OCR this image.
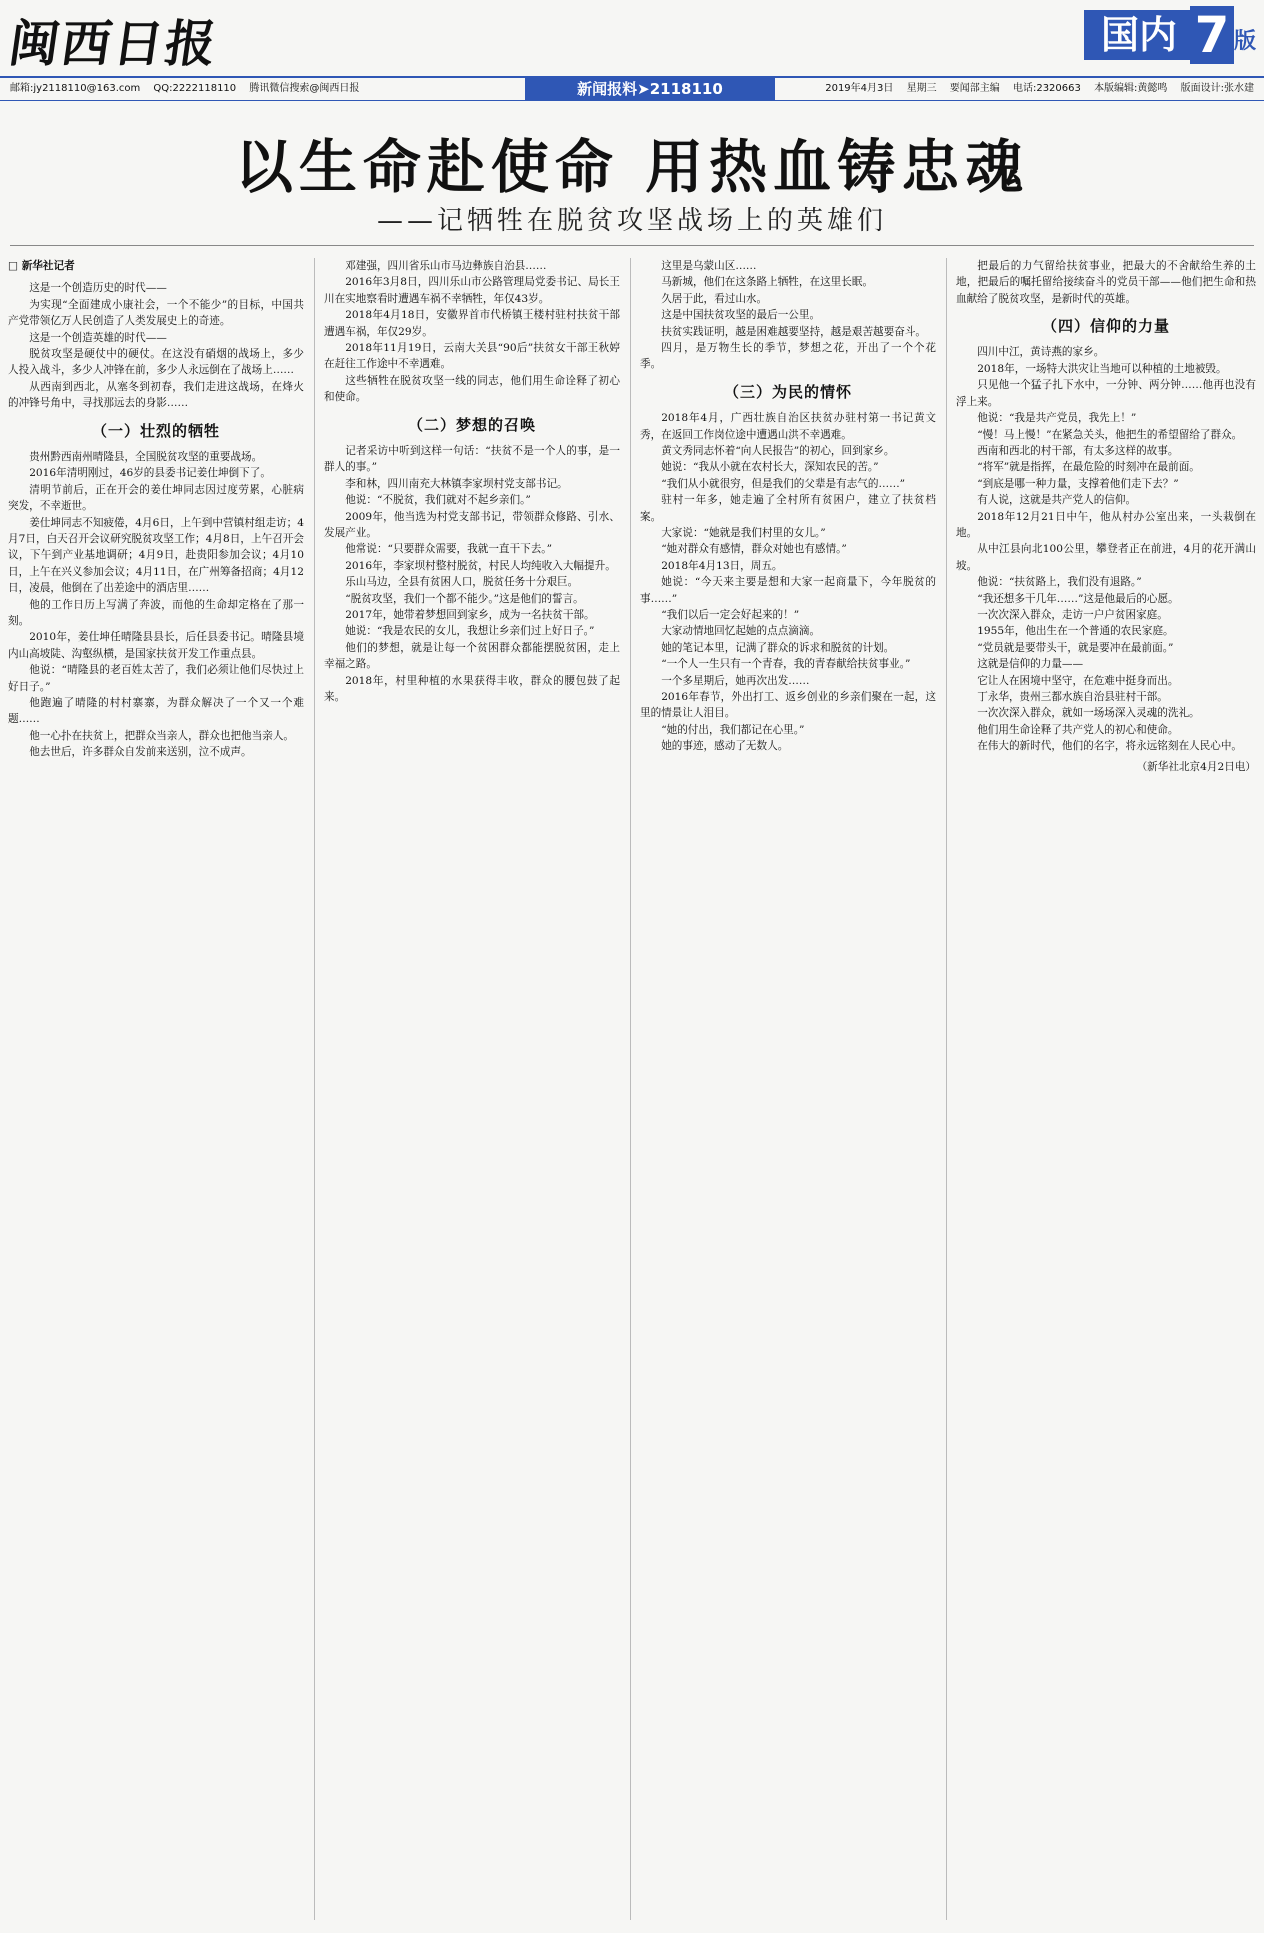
闽西日报	国内 7 版
邮箱:jy2118110@163.com QQ:2222118110 腾讯微信搜索@闽西日报	新闻报料➤2118110	2019年4月3日 星期三 要闻部主编 电话:2320663 本版编辑:黄懿鸣 版面设计:张水建
以生命赴使命 用热血铸忠魂
——记牺牲在脱贫攻坚战场上的英雄们

□ 新华社记者

这是一个创造历史的时代——

为实现“全面建成小康社会，一个不能少”的目标，中国共产党带领亿万人民创造了人类发展史上的奇迹。

这是一个创造英雄的时代——

脱贫攻坚是硬仗中的硬仗。在这没有硝烟的战场上，多少人投入战斗，多少人冲锋在前，多少人永远倒在了战场上……

从西南到西北，从塞冬到初春，我们走进这战场，在烽火的冲锋号角中，寻找那远去的身影……

（一）壮烈的牺牲

贵州黔西南州晴隆县，全国脱贫攻坚的重要战场。

2016年清明刚过，46岁的县委书记姜仕坤倒下了。

清明节前后，正在开会的姜仕坤同志因过度劳累，心脏病突发，不幸逝世。

姜仕坤同志不知疲倦，4月6日，上午到中营镇村组走访；4月7日，白天召开会议研究脱贫攻坚工作；4月8日，上午召开会议，下午到产业基地调研；4月9日，赴贵阳参加会议；4月10日，上午在兴义参加会议；4月11日，在广州筹备招商；4月12日，凌晨，他倒在了出差途中的酒店里……

他的工作日历上写满了奔波，而他的生命却定格在了那一刻。

2010年，姜仕坤任晴隆县县长，后任县委书记。晴隆县境内山高坡陡、沟壑纵横，是国家扶贫开发工作重点县。

他说：“晴隆县的老百姓太苦了，我们必须让他们尽快过上好日子。”

他跑遍了晴隆的村村寨寨，为群众解决了一个又一个难题……

他一心扑在扶贫上，把群众当亲人，群众也把他当亲人。

他去世后，许多群众自发前来送别，泣不成声。

邓建强，四川省乐山市马边彝族自治县……

2016年3月8日，四川乐山市公路管理局党委书记、局长王川在实地察看时遭遇车祸不幸牺牲，年仅43岁。

2018年4月18日，安徽界首市代桥镇王楼村驻村扶贫干部遭遇车祸，年仅29岁。

2018年11月19日，云南大关县“90后”扶贫女干部王秋婷在赶往工作途中不幸遇难。

这些牺牲在脱贫攻坚一线的同志，他们用生命诠释了初心和使命。

（二）梦想的召唤

记者采访中听到这样一句话：“扶贫不是一个人的事，是一群人的事。”

李和林，四川南充大林镇李家坝村党支部书记。

他说：“不脱贫，我们就对不起乡亲们。”

2009年，他当选为村党支部书记，带领群众修路、引水、发展产业。

他常说：“只要群众需要，我就一直干下去。”

2016年，李家坝村整村脱贫，村民人均纯收入大幅提升。

乐山马边，全县有贫困人口，脱贫任务十分艰巨。

“脱贫攻坚，我们一个都不能少。”这是他们的誓言。

2017年，她带着梦想回到家乡，成为一名扶贫干部。

她说：“我是农民的女儿，我想让乡亲们过上好日子。”

他们的梦想，就是让每一个贫困群众都能摆脱贫困，走上幸福之路。

2018年，村里种植的水果获得丰收，群众的腰包鼓了起来。

这里是乌蒙山区……

马新城，他们在这条路上牺牲，在这里长眠。

久居于此，看过山水。

这是中国扶贫攻坚的最后一公里。

扶贫实践证明，越是困难越要坚持，越是艰苦越要奋斗。

四月，是万物生长的季节，梦想之花，开出了一个个花季。

（三）为民的情怀

2018年4月，广西壮族自治区扶贫办驻村第一书记黄文秀，在返回工作岗位途中遭遇山洪不幸遇难。

黄文秀同志怀着“向人民报告”的初心，回到家乡。

她说：“我从小就在农村长大，深知农民的苦。”

“我们从小就很穷，但是我们的父辈是有志气的……”

驻村一年多，她走遍了全村所有贫困户，建立了扶贫档案。

大家说：“她就是我们村里的女儿。”

“她对群众有感情，群众对她也有感情。”

2018年4月13日，周五。

她说：“今天来主要是想和大家一起商量下，今年脱贫的事……”

“我们以后一定会好起来的！”

大家动情地回忆起她的点点滴滴。

她的笔记本里，记满了群众的诉求和脱贫的计划。

“一个人一生只有一个青春，我的青春献给扶贫事业。”

一个多星期后，她再次出发……

2016年春节，外出打工、返乡创业的乡亲们聚在一起，这里的情景让人泪目。

“她的付出，我们都记在心里。”

她的事迹，感动了无数人。

把最后的力气留给扶贫事业，把最大的不舍献给生养的土地，把最后的嘱托留给接续奋斗的党员干部——他们把生命和热血献给了脱贫攻坚，是新时代的英雄。

（四）信仰的力量

四川中江，黄诗燕的家乡。

2018年，一场特大洪灾让当地可以种植的土地被毁。

只见他一个猛子扎下水中，一分钟、两分钟……他再也没有浮上来。

他说：“我是共产党员，我先上！”

“慢！马上慢！”在紧急关头，他把生的希望留给了群众。

西南和西北的村干部，有太多这样的故事。

“将军”就是指挥，在最危险的时刻冲在最前面。

“到底是哪一种力量，支撑着他们走下去？”

有人说，这就是共产党人的信仰。

2018年12月21日中午，他从村办公室出来，一头栽倒在地。

从中江县向北100公里，攀登者正在前进，4月的花开满山坡。

他说：“扶贫路上，我们没有退路。”

“我还想多干几年……”这是他最后的心愿。

一次次深入群众，走访一户户贫困家庭。

1955年，他出生在一个普通的农民家庭。

“党员就是要带头干，就是要冲在最前面。”

这就是信仰的力量——

它让人在困境中坚守，在危难中挺身而出。

丁永华，贵州三都水族自治县驻村干部。

一次次深入群众，就如一场场深入灵魂的洗礼。

他们用生命诠释了共产党人的初心和使命。

在伟大的新时代，他们的名字，将永远铭刻在人民心中。

（新华社北京4月2日电）
